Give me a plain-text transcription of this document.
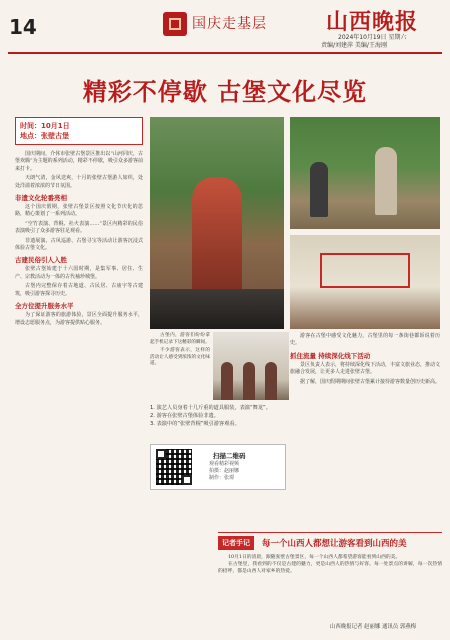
14	国庆走基层	山西晚报
2024年10月19日 星期六
责编/刘建萍 美编/王海刚
精彩不停歇 古堡文化尽览
时间：10月1日
地点：张壁古堡

国庆期间，介休市张壁古堡景区推出以“山河同庆，古堡欢腾”为主题的系列活动，精彩不停歇，吸引众多游客前来打卡。

天朗气清，金风送爽，十月的张壁古堡游人如织，处处洋溢着浓浓的节日氛围。

非遗文化轮番亮相

这个国庆假期，张壁古堡景区按照文化节庆化的思路，精心策划了一系列活动。

“空竹表演、背棍、社火表演……”景区内精彩的民俗表演吸引了众多游客驻足观看。

非遗展演、古风巡游、古堡寻宝等活动让游客沉浸式体验古堡文化。

古建民俗引人入胜

张壁古堡始建于十六国时期，是集军事、居住、生产、宗教活动为一体的古代袖珍城堡。

古堡内完整保存着古地道、古民居、古庙宇等古建筑，吸引游客探寻历史。

全方位提升服务水平

为了保证游客的旅游体验，景区全面提升服务水平，增设志愿服务点，为游客提供贴心服务。

古堡内，游客们纷纷拿起手机记录下这精彩的瞬间。

不少游客表示，这样的活动让人感受到浓浓的文化味道。

1. 演艺人员身着十几斤重的道具服装，表演“舞龙”。
2. 游客在张壁古堡体验非遗。
3. 表演中的“张壁背棍”吸引游客观看。
扫描二维码
观看精彩视频
拍摄：赵丽娜
制作：张璟

游客在古堡中感受文化魅力，古堡里的每一条街巷都诉说着历史。

抓住流量 持续深化线下活动

景区负责人表示，将持续深化线下活动，丰富文旅业态，推动文旅融合发展，让更多人走进张壁古堡。

据了解，国庆假期期间张壁古堡累计接待游客数量创历史新高。

记者手记	每一个山西人都想让游客看到山西的美

10月1日的清晨，跟随张壁古堡景区，每一个山西人都希望游客能看到山西的美。

在古堡里，我看到的不仅是古建的魅力，更是山西人的热情与好客。每一处景点的讲解，每一次热情的招呼，都是山西人对家乡的热爱。

山西晚报记者 赵丽娜 通讯员 郭燕梅
